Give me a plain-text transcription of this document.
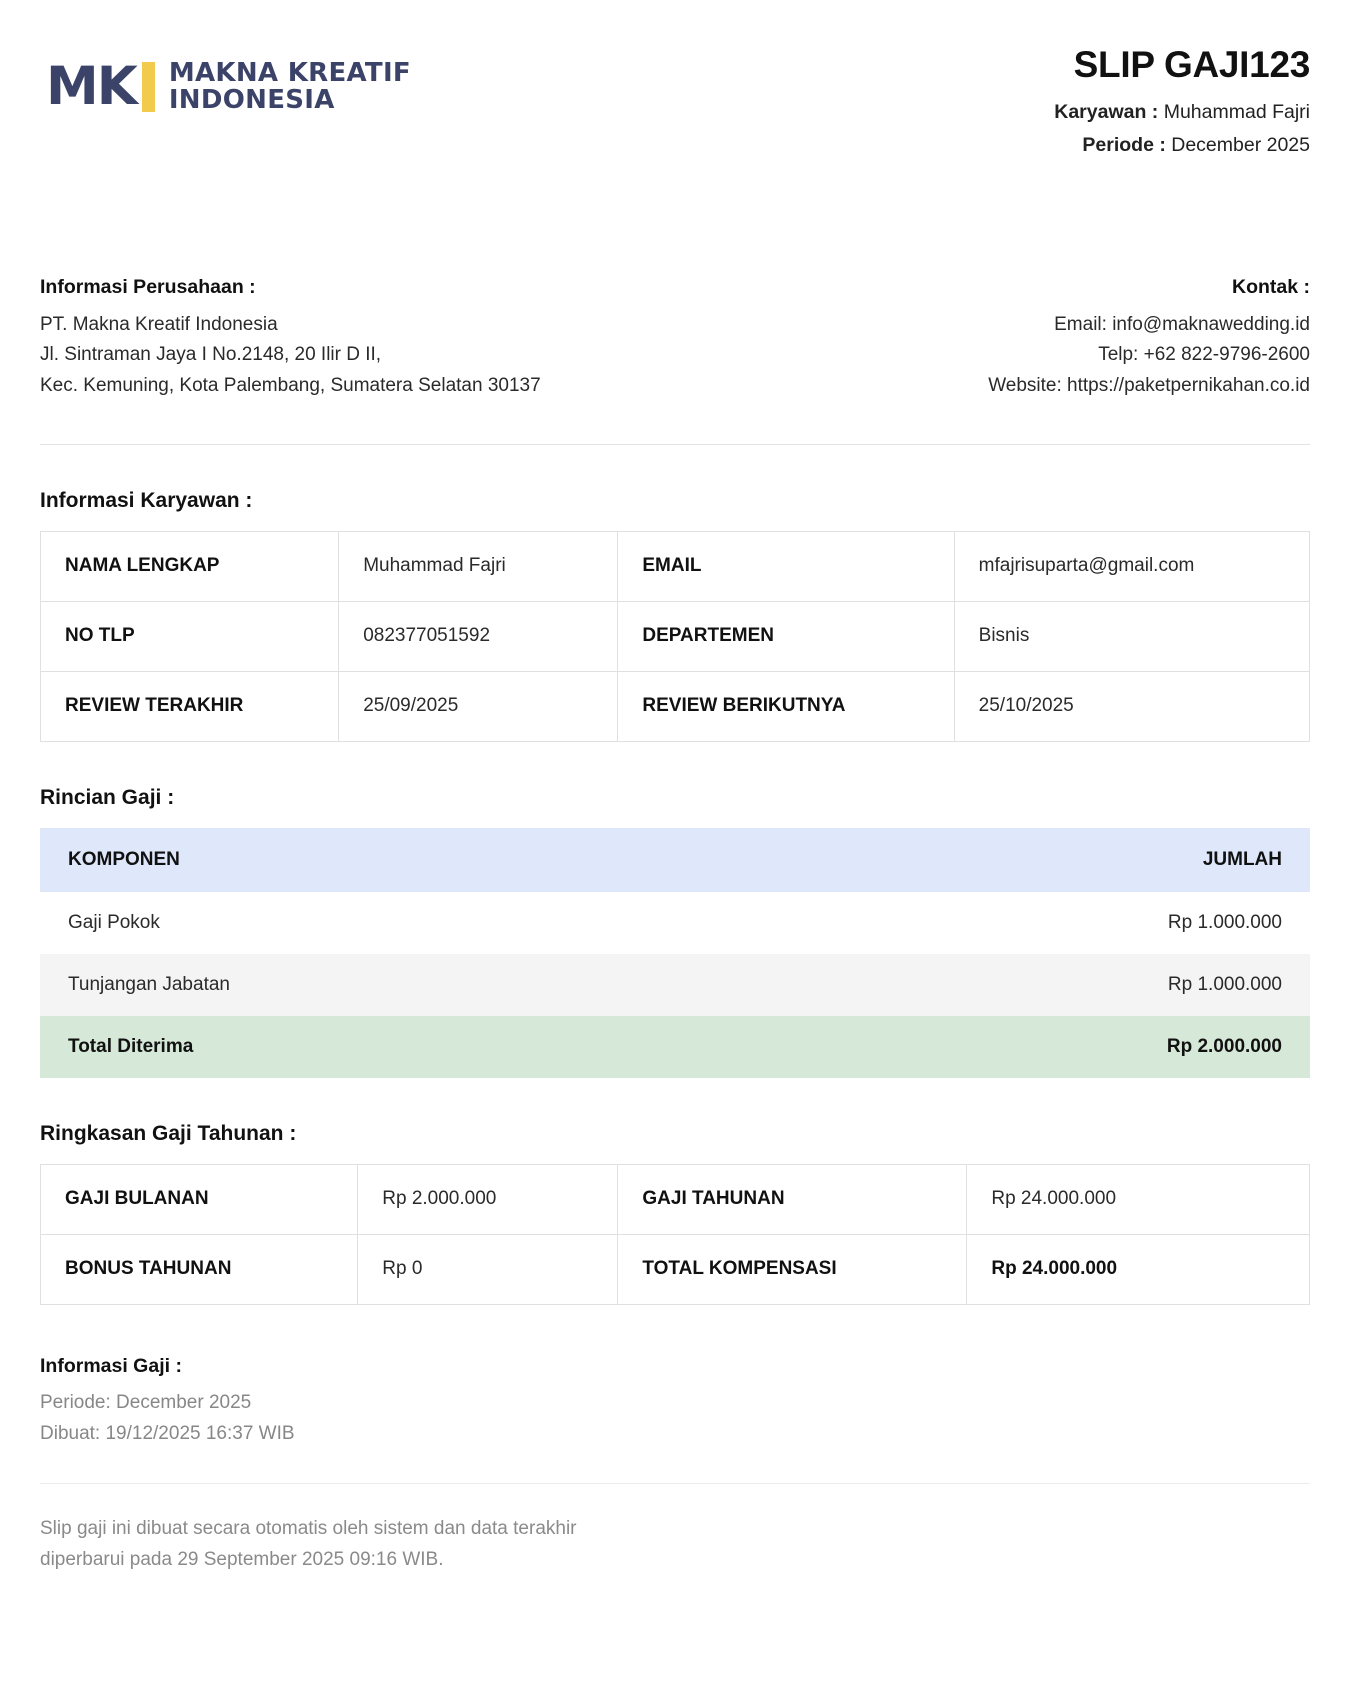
MK MAKNA KREATIF
INDONESIA
SLIP GAJI123
Karyawan : Muhammad Fajri
Periode : December 2025
Informasi Perusahaan :
PT. Makna Kreatif Indonesia
Jl. Sintraman Jaya I No.2148, 20 Ilir D II,
Kec. Kemuning, Kota Palembang, Sumatera Selatan 30137
Kontak :
Email: info@maknawedding.id
Telp: +62 822-9796-2600
Website: https://paketpernikahan.co.id
Informasi Karyawan :
NAMA LENGKAP	Muhammad Fajri	EMAIL	mfajrisuparta@gmail.com
NO TLP	082377051592	DEPARTEMEN	Bisnis
REVIEW TERAKHIR	25/09/2025	REVIEW BERIKUTNYA	25/10/2025
Rincian Gaji :
KOMPONEN	JUMLAH
Gaji Pokok	Rp 1.000.000
Tunjangan Jabatan	Rp 1.000.000
Total Diterima	Rp 2.000.000
Ringkasan Gaji Tahunan :
GAJI BULANAN	Rp 2.000.000	GAJI TAHUNAN	Rp 24.000.000
BONUS TAHUNAN	Rp 0	TOTAL KOMPENSASI	Rp 24.000.000
Informasi Gaji :
Periode: December 2025
Dibuat: 19/12/2025 16:37 WIB
Slip gaji ini dibuat secara otomatis oleh sistem dan data terakhir
diperbarui pada 29 September 2025 09:16 WIB.
